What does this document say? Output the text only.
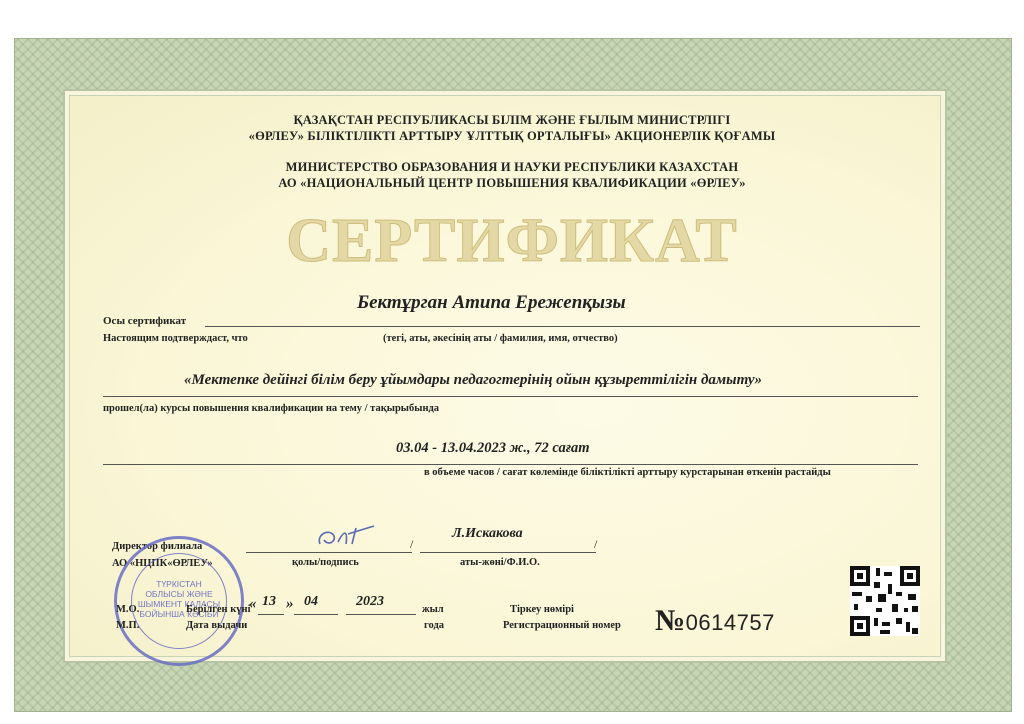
ҚАЗАҚСТАН РЕСПУБЛИКАСЫ БІЛІМ ЖӘНЕ ҒЫЛЫМ МИНИСТРЛІГІ
«ӨРЛЕУ» БІЛІКТІЛІКТІ АРТТЫРУ ҰЛТТЫҚ ОРТАЛЫҒЫ» АКЦИОНЕРЛІК ҚОҒАМЫ
МИНИСТЕРСТВО ОБРАЗОВАНИЯ И НАУКИ РЕСПУБЛИКИ КАЗАХСТАН
АО «НАЦИОНАЛЬНЫЙ ЦЕНТР ПОВЫШЕНИЯ КВАЛИФИКАЦИИ «ӨРЛЕУ»
СЕРТИФИКАТ
Бектұрган Атипа Ережепқызы
Осы сертификат
Настоящим подтверждаст, что	(тегі, аты, әкесінің аты / фамилия, имя, отчество)
«Мектепке дейінгі білім беру ұйымдары педагогтерінің ойын құзыреттілігін дамыту»
прошел(ла) курсы повышения квалификации на тему / тақырыбында
03.04 - 13.04.2023 ж., 72 сағат
в объеме часов / сағат көлемінде біліктілікті арттыру курстарынан өткенін растайды
Директор филиала
АО «НЦПК«ӨРЛЕУ»
/
қолы/подпись
Л.Искакова
/
аты-жөні/Ф.И.О.
ТҮРКІСТАН
ОБЛЫСЫ ЖӘНЕ
ШЫМКЕНТ КАЛАСЫ
БОЙЫНША КӘСІБИ
М.О.
М.П.
Берілген күні
Дата выдачи
« 13 » 04	2023
жыл
года
Тіркеу нөмірі
Регистрационный номер №0614757
